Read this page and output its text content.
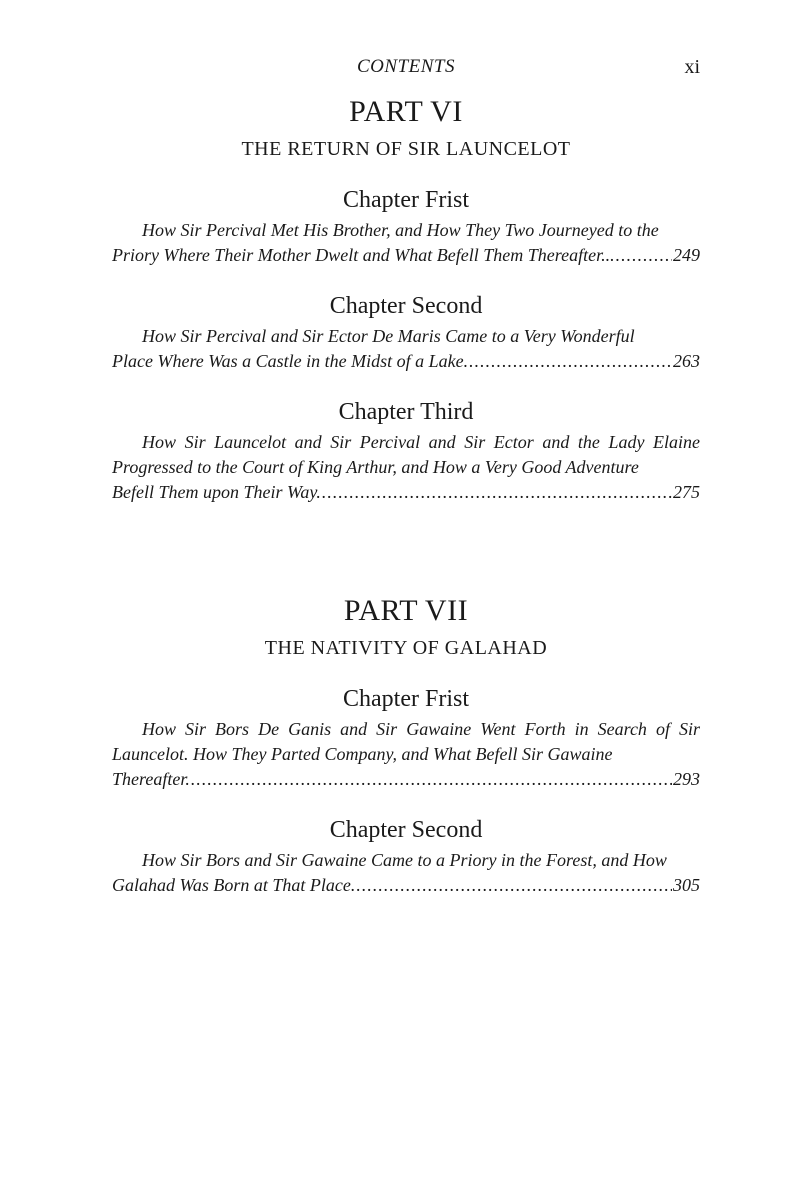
CONTENTS	xi
PART VI
THE RETURN OF SIR LAUNCELOT
Chapter Frist

How Sir Percival Met His Brother, and How They Two Journeyed to the

Priory Where Their Mother Dwelt and What Befell Them Thereafter... .....	249
Chapter Second

How Sir Percival and Sir Ector De Maris Came to a Very Wonderful

Place Where Was a Castle in the Midst of a Lake. .....	263
Chapter Third

How Sir Launcelot and Sir Percival and Sir Ector and the Lady Elaine Progressed to the Court of King Arthur, and How a Very Good Adventure

Befell Them upon Their Way. .....	275
PART VII
THE NATIVITY OF GALAHAD
Chapter Frist

How Sir Bors De Ganis and Sir Gawaine Went Forth in Search of Sir Launcelot. How They Parted Company, and What Befell Sir Gawaine

Thereafter. .....	293
Chapter Second

How Sir Bors and Sir Gawaine Came to a Priory in the Forest, and How

Galahad Was Born at That Place. .....	305
